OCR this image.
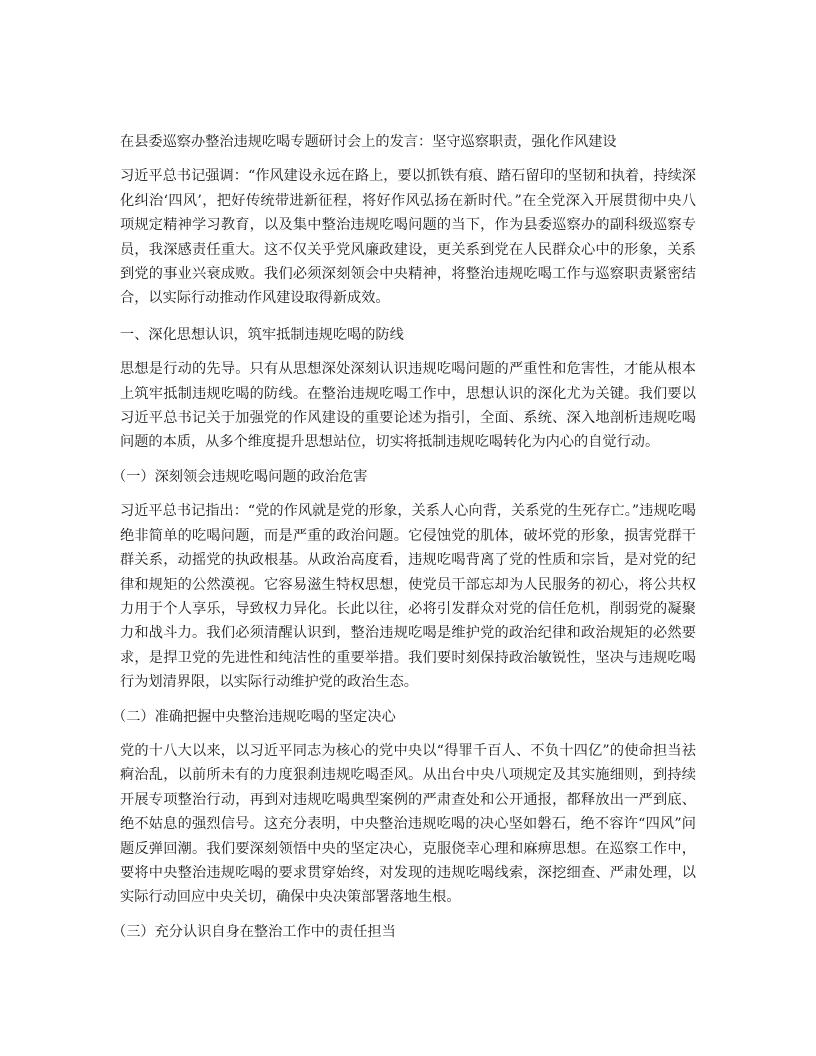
在县委巡察办整治违规吃喝专题研讨会上的发言：坚守巡察职责，强化作风建设
习近平总书记强调：“作风建设永远在路上，要以抓铁有痕、踏石留印的坚韧和执着，持续深化纠治‘四风’，把好传统带进新征程，将好作风弘扬在新时代。”在全党深入开展贯彻中央八项规定精神学习教育，以及集中整治违规吃喝问题的当下，作为县委巡察办的副科级巡察专员，我深感责任重大。这不仅关乎党风廉政建设，更关系到党在人民群众心中的形象，关系到党的事业兴衰成败。我们必须深刻领会中央精神，将整治违规吃喝工作与巡察职责紧密结合，以实际行动推动作风建设取得新成效。
一、深化思想认识，筑牢抵制违规吃喝的防线
思想是行动的先导。只有从思想深处深刻认识违规吃喝问题的严重性和危害性，才能从根本上筑牢抵制违规吃喝的防线。在整治违规吃喝工作中，思想认识的深化尤为关键。我们要以习近平总书记关于加强党的作风建设的重要论述为指引，全面、系统、深入地剖析违规吃喝问题的本质，从多个维度提升思想站位，切实将抵制违规吃喝转化为内心的自觉行动。
（一）深刻领会违规吃喝问题的政治危害
习近平总书记指出：“党的作风就是党的形象，关系人心向背，关系党的生死存亡。”违规吃喝绝非简单的吃喝问题，而是严重的政治问题。它侵蚀党的肌体，破坏党的形象，损害党群干群关系，动摇党的执政根基。从政治高度看，违规吃喝背离了党的性质和宗旨，是对党的纪律和规矩的公然漠视。它容易滋生特权思想，使党员干部忘却为人民服务的初心，将公共权力用于个人享乐，导致权力异化。长此以往，必将引发群众对党的信任危机，削弱党的凝聚力和战斗力。我们必须清醒认识到，整治违规吃喝是维护党的政治纪律和政治规矩的必然要求，是捍卫党的先进性和纯洁性的重要举措。我们要时刻保持政治敏锐性，坚决与违规吃喝行为划清界限，以实际行动维护党的政治生态。
（二）准确把握中央整治违规吃喝的坚定决心
党的十八大以来，以习近平同志为核心的党中央以“得罪千百人、不负十四亿”的使命担当祛痾治乱，以前所未有的力度狠刹违规吃喝歪风。从出台中央八项规定及其实施细则，到持续开展专项整治行动，再到对违规吃喝典型案例的严肃查处和公开通报，都释放出一严到底、绝不姑息的强烈信号。这充分表明，中央整治违规吃喝的决心坚如磐石，绝不容许“四风”问题反弹回潮。我们要深刻领悟中央的坚定决心，克服侥幸心理和麻痹思想。在巡察工作中，要将中央整治违规吃喝的要求贯穿始终，对发现的违规吃喝线索，深挖细查、严肃处理，以实际行动回应中央关切，确保中央决策部署落地生根。
（三）充分认识自身在整治工作中的责任担当
